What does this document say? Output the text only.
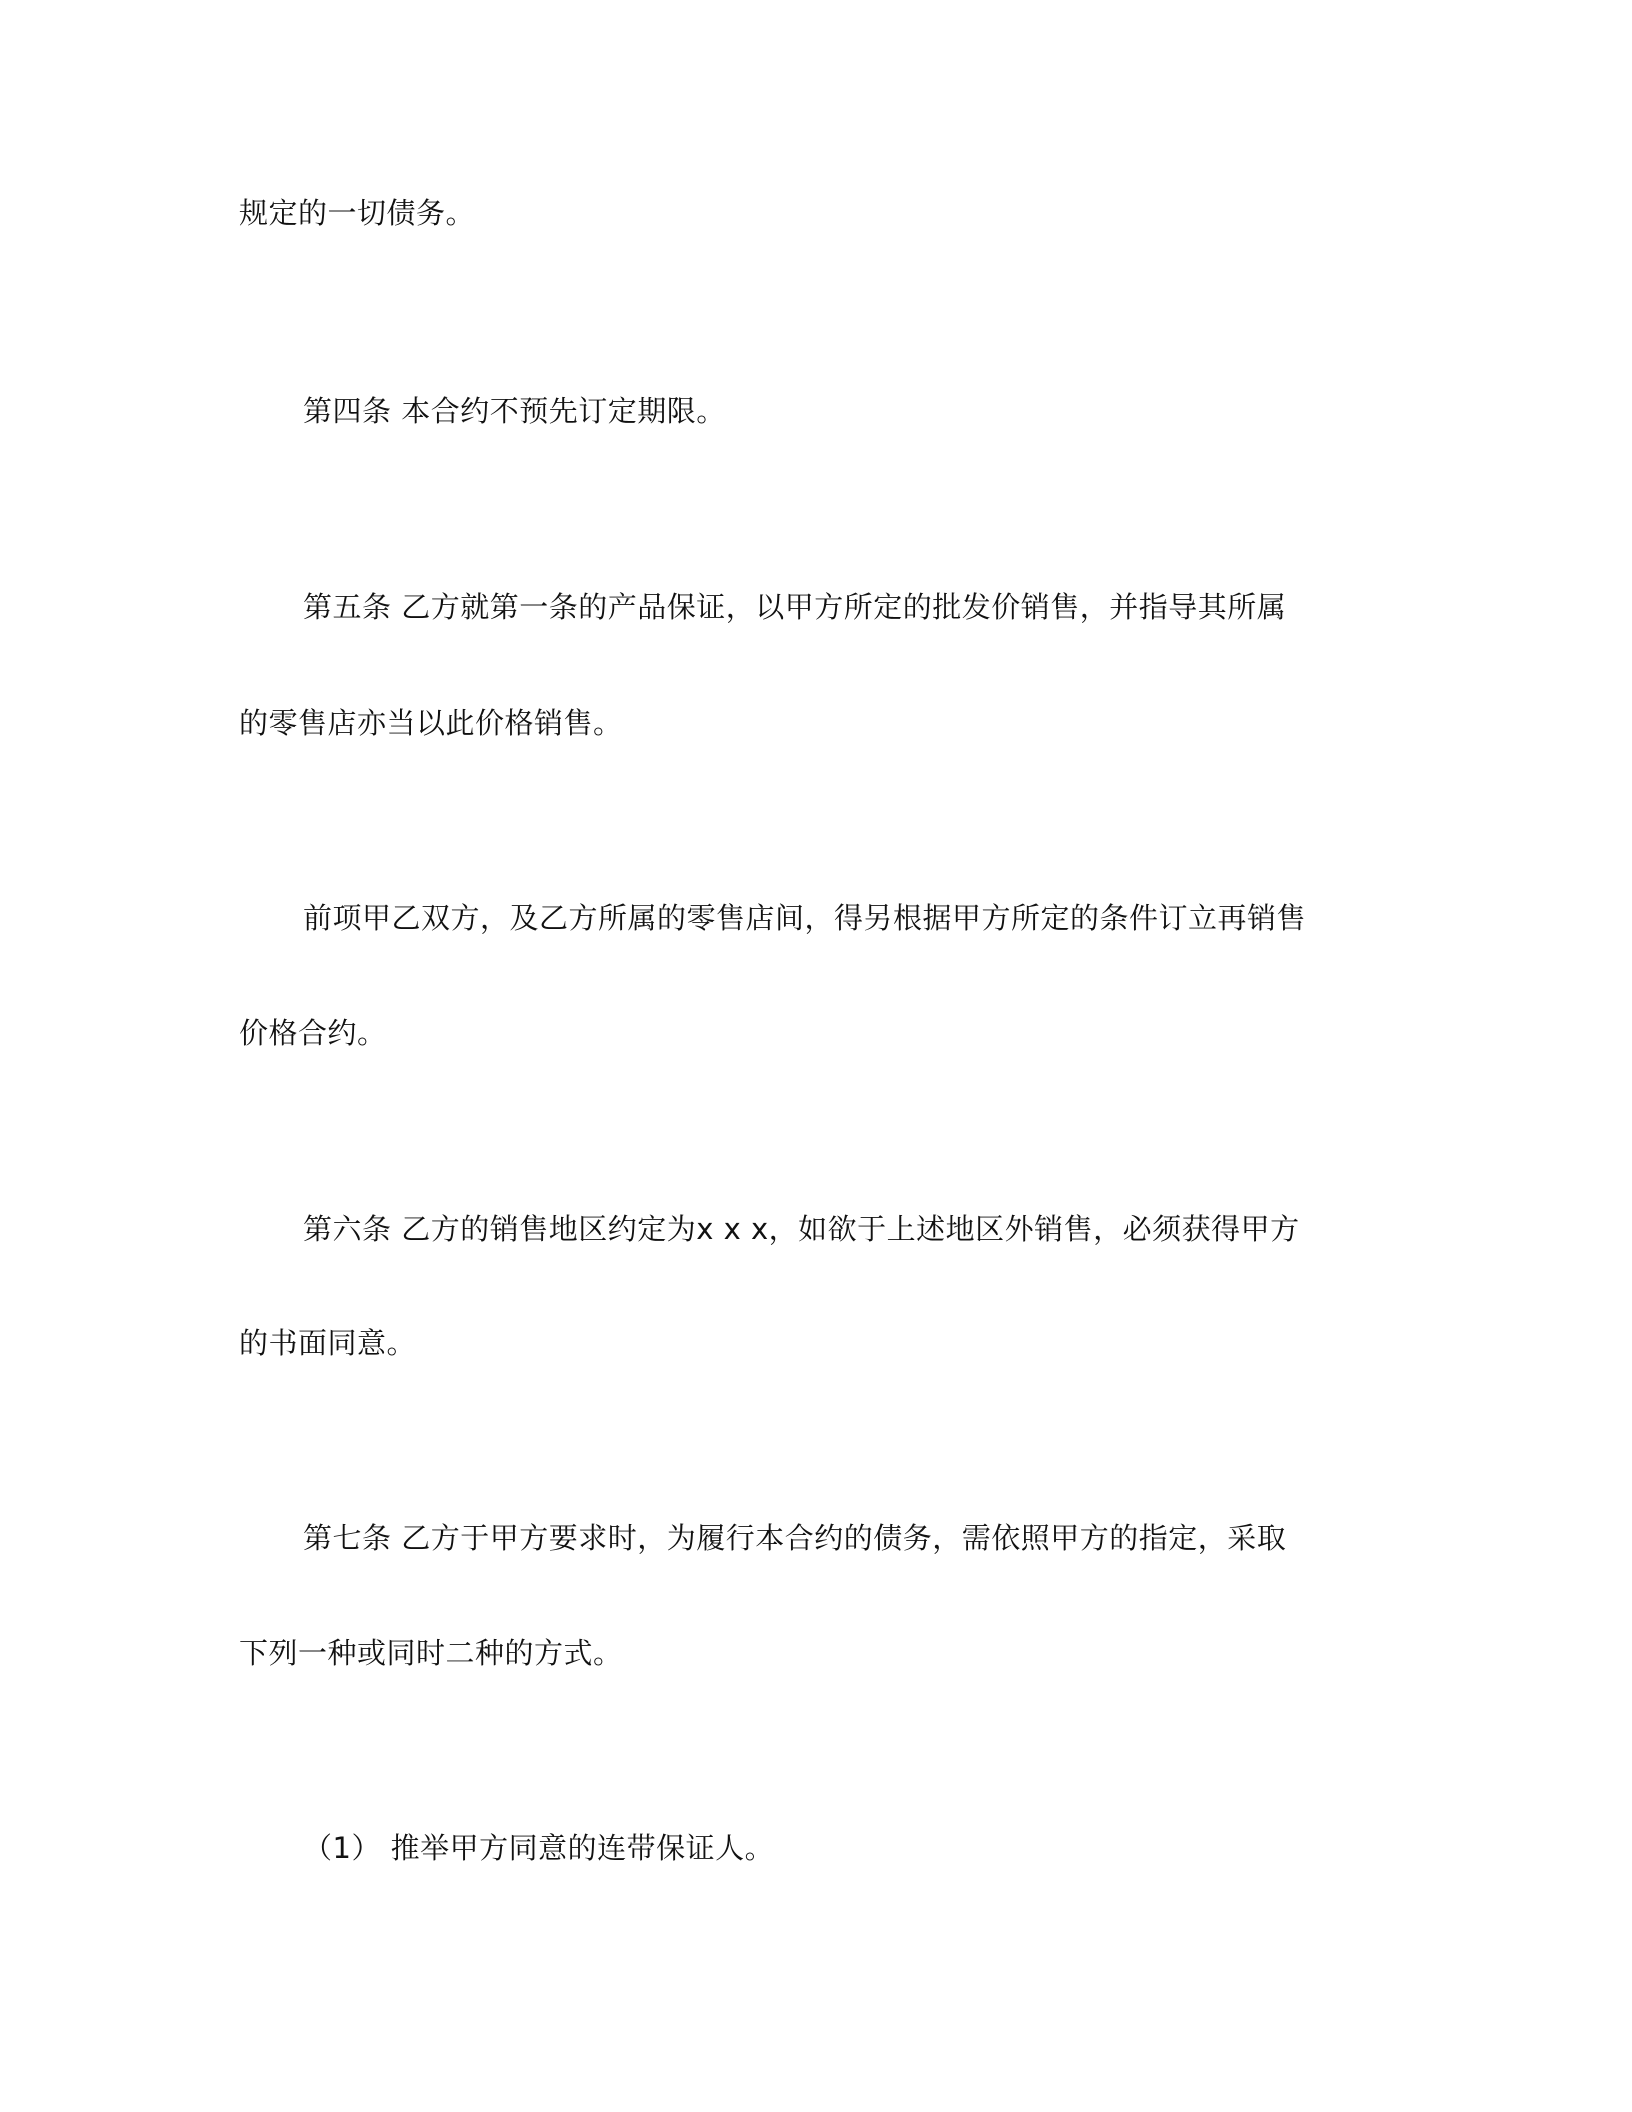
规定的一切债务。
第四条 本合约不预先订定期限。
第五条 乙方就第一条的产品保证，以甲方所定的批发价销售，并指导其所属
的零售店亦当以此价格销售。
前项甲乙双方，及乙方所属的零售店间，得另根据甲方所定的条件订立再销售
价格合约。
第六条 乙方的销售地区约定为x x x，如欲于上述地区外销售，必须获得甲方
的书面同意。
第七条 乙方于甲方要求时，为履行本合约的债务，需依照甲方的指定，采取
下列一种或同时二种的方式。
（1） 推举甲方同意的连带保证人。
